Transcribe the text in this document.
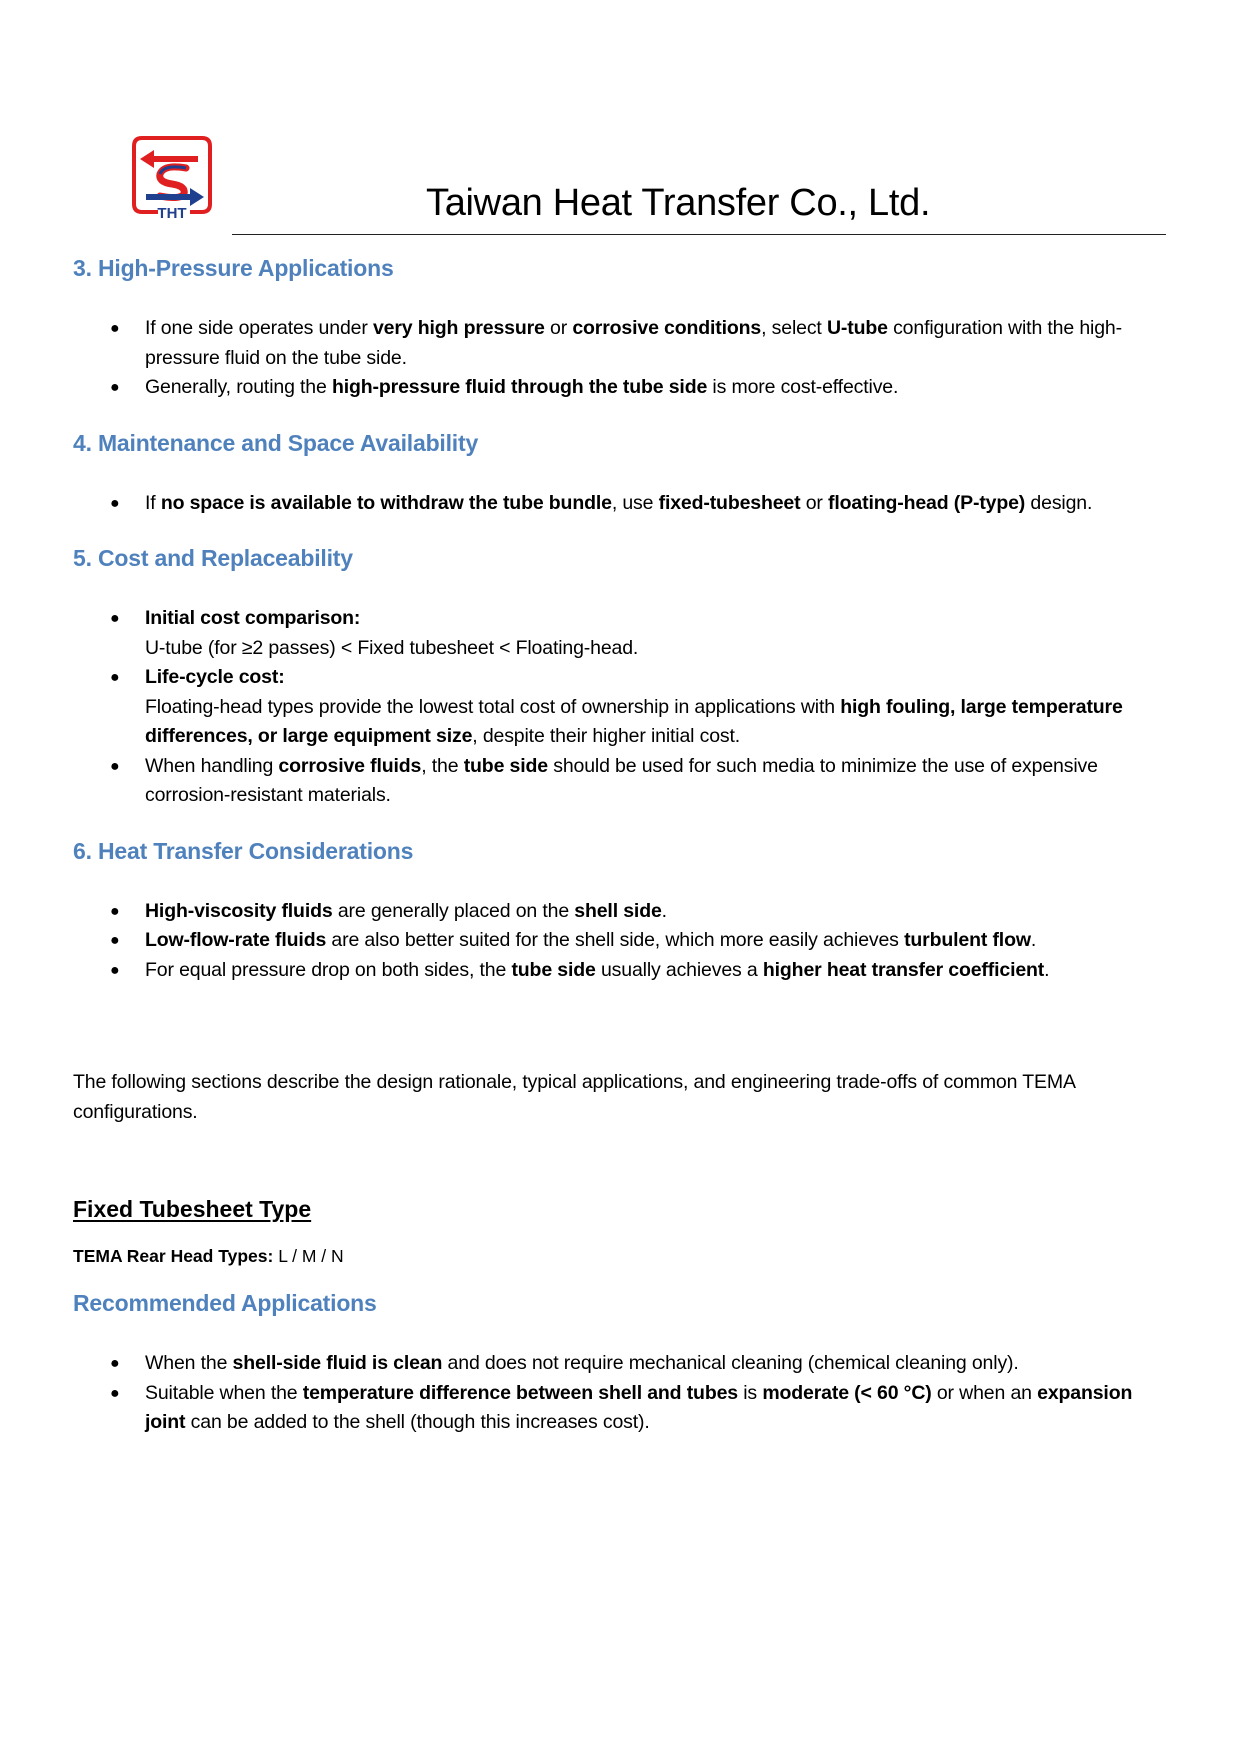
THT	Taiwan Heat Transfer Co., Ltd.
3. High-Pressure Applications
● If one side operates under very high pressure or corrosive conditions, select U-tube configuration with the high-pressure fluid on the tube side.
● Generally, routing the high-pressure fluid through the tube side is more cost-effective.
4. Maintenance and Space Availability
● If no space is available to withdraw the tube bundle, use fixed-tubesheet or floating-head (P-type) design.
5. Cost and Replaceability
● Initial cost comparison:
U-tube (for ≥2 passes) < Fixed tubesheet < Floating-head.
● Life-cycle cost:
Floating-head types provide the lowest total cost of ownership in applications with high fouling, large temperature differences, or large equipment size, despite their higher initial cost.
● When handling corrosive fluids, the tube side should be used for such media to minimize the use of expensive corrosion-resistant materials.
6. Heat Transfer Considerations
● High-viscosity fluids are generally placed on the shell side.
● Low-flow-rate fluids are also better suited for the shell side, which more easily achieves turbulent flow.
● For equal pressure drop on both sides, the tube side usually achieves a higher heat transfer coefficient.

The following sections describe the design rationale, typical applications, and engineering trade-offs of common TEMA configurations.

Fixed Tubesheet Type

TEMA Rear Head Types: L / M / N

Recommended Applications
● When the shell-side fluid is clean and does not require mechanical cleaning (chemical cleaning only).
● Suitable when the temperature difference between shell and tubes is moderate (< 60 °C) or when an expansion joint can be added to the shell (though this increases cost).
